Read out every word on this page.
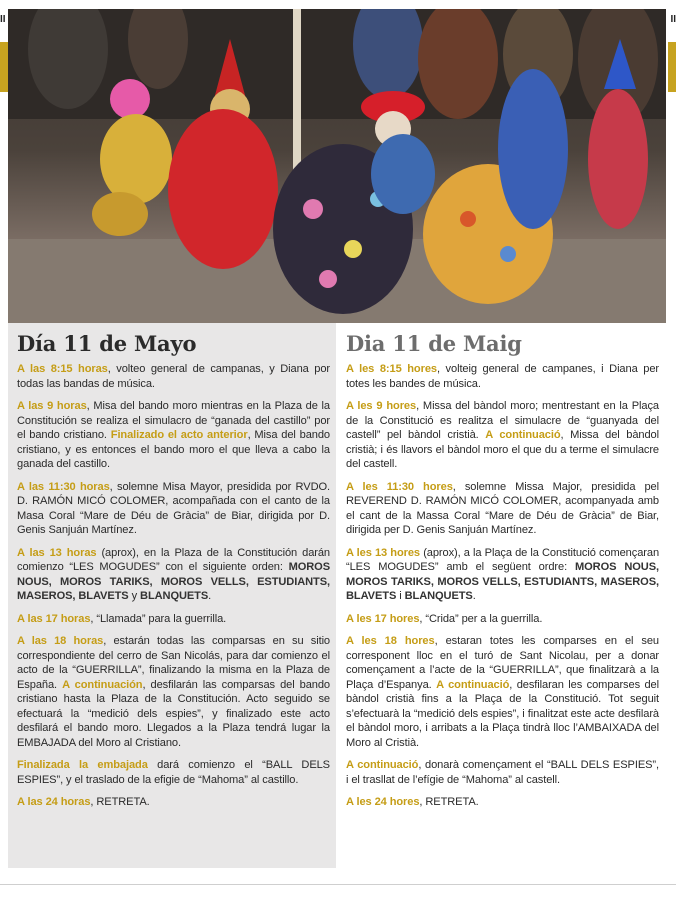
II	II
Día 11 de Mayo

A las 8:15 horas, volteo general de campanas, y Diana por todas las bandas de música.

A las 9 horas, Misa del bando moro mientras en la Plaza de la Constitución se realiza el simulacro de “ganada del castillo” por el bando cristiano. Finalizado el acto anterior, Misa del bando cristiano, y es entonces el bando moro el que lleva a cabo la ganada del castillo.

A las 11:30 horas, solemne Misa Mayor, presidida por RVDO. D. RAMÓN MICÓ COLOMER, acompañada con el canto de la Masa Coral “Mare de Déu de Gràcia” de Biar, dirigida por D. Genis Sanjuán Martínez.

A las 13 horas (aprox), en la Plaza de la Constitución darán comienzo “LES MOGUDES” con el siguiente orden: MOROS NOUS, MOROS TARIKS, MOROS VELLS, ESTUDIANTS, MASEROS, BLAVETS y BLANQUETS.

A las 17 horas, “Llamada” para la guerrilla.

A las 18 horas, estarán todas las comparsas en su sitio correspondiente del cerro de San Nicolás, para dar comienzo el acto de la “GUERRILLA”, finalizando la misma en la Plaza de España. A continuación, desfilarán las comparsas del bando cristiano hasta la Plaza de la Constitución. Acto seguido se efectuará la “medició dels espies”, y finalizado este acto desfilará el bando moro. Llegados a la Plaza tendrá lugar la EMBAJADA del Moro al Cristiano.

Finalizada la embajada dará comienzo el “BALL DELS ESPIES”, y el traslado de la efigie de “Mahoma” al castillo.

A las 24 horas, RETRETA.

Dia 11 de Maig

A les 8:15 hores, volteig general de campanes, i Diana per totes les bandes de música.

A les 9 hores, Missa del bàndol moro; mentrestant en la Plaça de la Constitució es realitza el simulacre de “guanyada del castell” pel bàndol cristià. A continuació, Missa del bàndol cristià; i és llavors el bàndol moro el que du a terme el simulacre del castell.

A les 11:30 hores, solemne Missa Major, presidida pel REVEREND D. RAMÓN MICÓ COLOMER, acompanyada amb el cant de la Massa Coral “Mare de Déu de Gràcia” de Biar, dirigida per D. Genis Sanjuán Martínez.

A les 13 hores (aprox), a la Plaça de la Constitució començaran “LES MOGUDES” amb el següent ordre: MOROS NOUS, MOROS TARIKS, MOROS VELLS, ESTUDIANTS, MASEROS, BLAVETS i BLANQUETS.

A les 17 hores, “Crida” per a la guerrilla.

A les 18 hores, estaran totes les comparses en el seu corresponent lloc en el turó de Sant Nicolau, per a donar començament a l’acte de la “GUERRILLA”, que finalitzarà a la Plaça d’Espanya. A continuació, desfilaran les comparses del bàndol cristià fins a la Plaça de la Constitució. Tot seguit s’efectuarà la “medició dels espies”, i finalitzat este acte desfilarà el bàndol moro, i arribats a la Plaça tindrà lloc l’AMBAIXADA del Moro al Cristià.

A continuació, donarà començament el “BALL DELS ESPIES”, i el trasllat de l’efígie de “Mahoma” al castell.

A les 24 hores, RETRETA.
